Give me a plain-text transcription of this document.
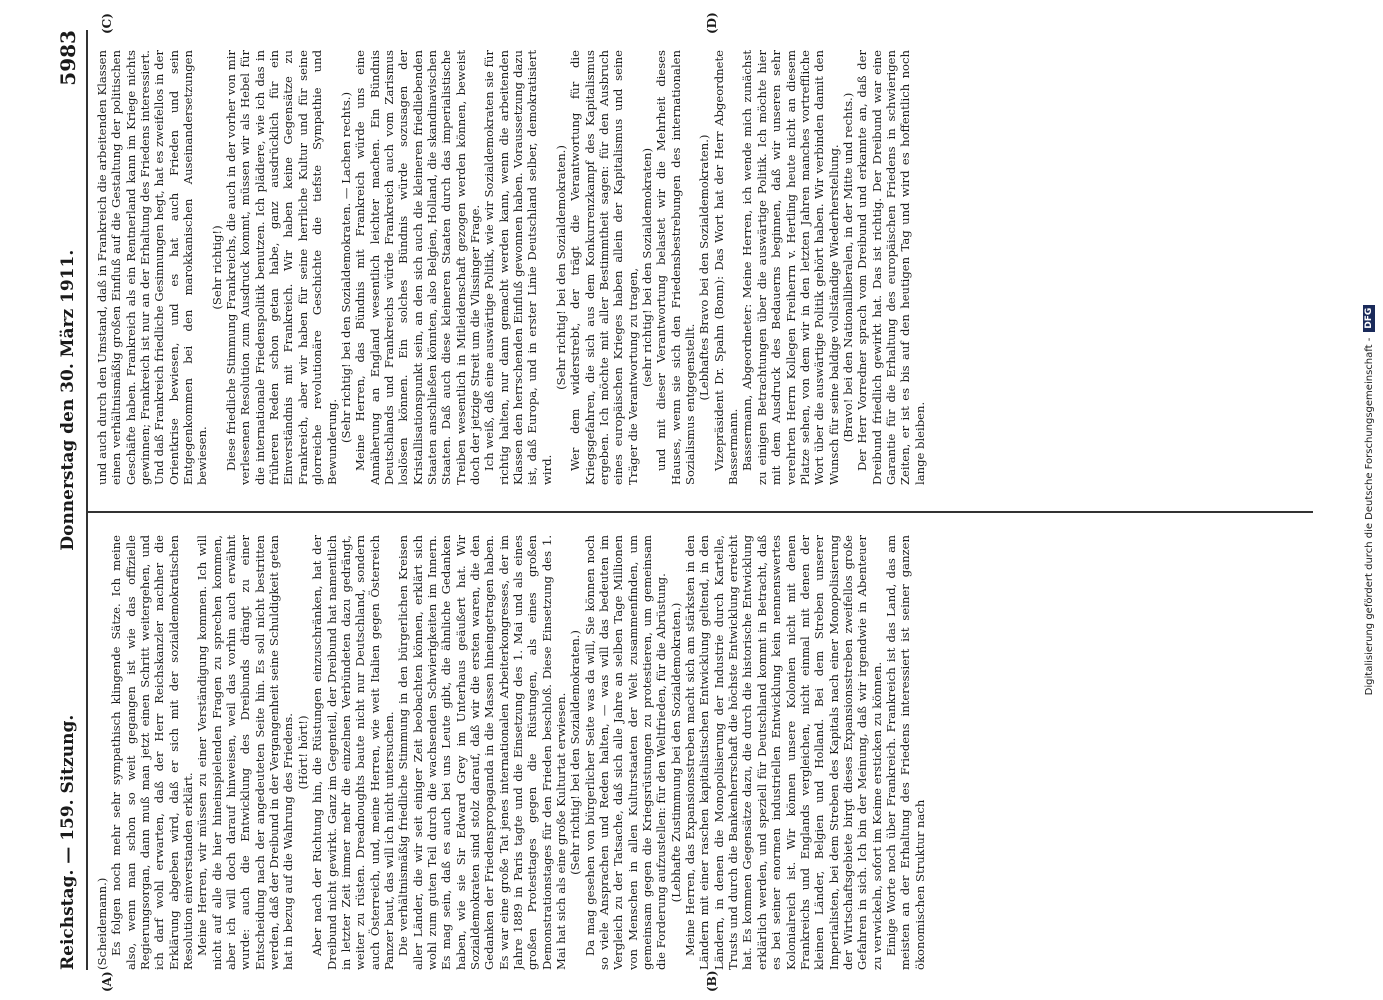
Reichstag. — 159. Sitzung.
Donnerstag den 30. März 1911.
5983
(A)	(B)
(C)	(D)

(Scheidemann.) Es folgen noch mehr sehr sympathisch klingende Sätze. Ich meine also, wenn man schon so weit gegangen ist wie das offizielle Regierungsorgan, dann muß man jetzt einen Schritt weitergehen, und ich darf wohl erwarten, daß der Herr Reichskanzler nachher die Erklärung abgeben wird, daß er sich mit der sozialdemokratischen Resolution einverstanden erklärt. Meine Herren, wir müssen zu einer Verständigung kommen. Ich will nicht auf alle die hier hineinspielenden Fragen zu sprechen kommen, aber ich will doch darauf hinweisen, weil das vorhin auch erwähnt wurde: auch die Entwicklung des Dreibunds drängt zu einer Entscheidung nach der angedeuteten Seite hin. Es soll nicht bestritten werden, daß der Dreibund in der Vergangenheit seine Schuldigkeit getan hat in bezug auf die Wahrung des Friedens. (Hört! hört!) Aber nach der Richtung hin, die Rüstungen einzuschränken, hat der Dreibund nicht gewirkt. Ganz im Gegenteil, der Dreibund hat namentlich in letzter Zeit immer mehr die einzelnen Verbündeten dazu gedrängt, weiter zu rüsten. Dreadnoughts baute nicht nur Deutschland, sondern auch Österreich, und, meine Herren, wie weit Italien gegen Österreich Panzer baut, das will ich nicht untersuchen. Die verhältnismäßig friedliche Stimmung in den bürgerlichen Kreisen aller Länder, die wir seit einiger Zeit beobachten können, erklärt sich wohl zum guten Teil durch die wachsenden Schwierigkeiten im Innern. Es mag sein, daß es auch bei uns Leute gibt, die ähnliche Gedanken haben, wie sie Sir Edward Grey im Unterhaus geäußert hat. Wir Sozialdemokraten sind stolz darauf, daß wir die ersten waren, die den Gedanken der Friedenspropaganda in die Massen hineingetragen haben. Es war eine große Tat jenes internationalen Arbeiterkongresses, der im Jahre 1889 in Paris tagte und die Einsetzung des 1. Mai und als eines großen Protesttages gegen die Rüstungen, als eines großen Demonstrationstages für den Frieden beschloß. Diese Einsetzung des 1. Mai hat sich als eine große Kulturtat erwiesen. (Sehr richtig! bei den Sozialdemokraten.) Da mag gesehen von bürgerlicher Seite was da will, Sie können noch so viele Ansprachen und Reden halten, — was will das bedeuten im Vergleich zu der Tatsache, daß sich alle Jahre an selben Tage Millionen von Menschen in allen Kulturstaaten der Welt zusammenfinden, um gemeinsam gegen die Kriegsrüstungen zu protestieren, um gemeinsam die Forderung aufzustellen: für den Weltfrieden, für die Abrüstung. (Lebhafte Zustimmung bei den Sozialdemokraten.) Meine Herren, das Expansionsstreben macht sich am stärksten in den Ländern mit einer raschen kapitalistischen Entwicklung geltend, in den Ländern, in denen die Monopolisierung der Industrie durch Kartelle, Trusts und durch die Bankenherrschaft die höchste Entwicklung erreicht hat. Es kommen Gegensätze dazu, die durch die historische Entwicklung erklärlich werden, und speziell für Deutschland kommt in Betracht, daß es bei seiner enormen industriellen Entwicklung kein nennenswertes Kolonialreich ist. Wir können unsere Kolonien nicht mit denen Frankreichs und Englands vergleichen, nicht einmal mit denen der kleinen Länder, Belgien und Holland. Bei dem Streben unserer Imperialisten, bei dem Streben des Kapitals nach einer Monopolisierung der Wirtschaftsgebiete birgt dieses Expansionsstreben zweifellos große Gefahren in sich. Ich bin der Meinung, daß wir irgendwie in Abenteuer zu verwickeln, sofort im Keime ersticken zu können. Einige Worte noch über Frankreich. Frankreich ist das Land, das am meisten an der Erhaltung des Friedens interessiert ist seiner ganzen ökonomischen Struktur nach

und auch durch den Umstand, daß in Frankreich die arbeitenden Klassen einen verhältnismäßig großen Einfluß auf die Gestaltung der politischen Geschäfte haben. Frankreich als ein Rentnerland kann im Kriege nichts gewinnen; Frankreich ist nur an der Erhaltung des Friedens interessiert. Und daß Frankreich friedliche Gesinnungen hegt, hat es zweifellos in der Orientkrise bewiesen, und es hat auch Frieden und sein Entgegenkommen bei den marokkanischen Auseinandersetzungen bewiesen.

(Sehr richtig!) Diese friedliche Stimmung Frankreichs, die auch in der vorher von mir verlesenen Resolution zum Ausdruck kommt, müssen wir als Hebel für die internationale Friedenspolitik benutzen. Ich plädiere, wie ich das in früheren Reden schon getan habe, ganz ausdrücklich für ein Einverständnis mit Frankreich. Wir haben keine Gegensätze zu Frankreich, aber wir haben für seine herrliche Kultur und für seine glorreiche revolutionäre Geschichte die tiefste Sympathie und Bewunderung. (Sehr richtig! bei den Sozialdemokraten. — Lachen rechts.) Meine Herren, das Bündnis mit Frankreich würde uns eine Annäherung an England wesentlich leichter machen. Ein Bündnis Deutschlands und Frankreichs würde Frankreich auch vom Zarismus loslösen können. Ein solches Bündnis würde sozusagen der Kristallisationspunkt sein, an den sich auch die kleineren friedliebenden Staaten anschließen könnten, also Belgien, Holland, die skandinavischen Staaten. Daß auch diese kleineren Staaten durch das imperialistische Treiben wesentlich in Mitleidenschaft gezogen werden können, beweist doch der jetzige Streit um die Vlissinger Frage. Ich weiß, daß eine auswärtige Politik, wie wir Sozialdemokraten sie für richtig halten, nur dann gemacht werden kann, wenn die arbeitenden Klassen den herrschenden Einfluß gewonnen haben. Voraussetzung dazu ist, daß Europa, und in erster Linie Deutschland selber, demokratisiert wird.

(Sehr richtig! bei den Sozialdemokraten.) Wer dem widerstrebt, der trägt die Verantwortung für die Kriegsgefahren, die sich aus dem Konkurrenzkampf des Kapitalismus ergeben. Ich möchte mit aller Bestimmtheit sagen: für den Ausbruch eines europäischen Krieges haben allein der Kapitalismus und seine Träger die Verantwortung zu tragen, (sehr richtig! bei den Sozialdemokraten) und mit dieser Verantwortung belastet wir die Mehrheit dieses Hauses, wenn sie sich den Friedensbestrebungen des internationalen Sozialismus entgegenstellt.

(Lebhaftes Bravo bei den Sozialdemokraten.) Vizepräsident Dr. Spahn (Bonn): Das Wort hat der Herr Abgeordnete Bassermann. Bassermann, Abgeordneter: Meine Herren, ich wende mich zunächst zu einigen Betrachtungen über die auswärtige Politik. Ich möchte hier mit dem Ausdruck des Bedauerns beginnen, daß wir unseren sehr verehrten Herrn Kollegen Freiherrn v. Hertling heute nicht an diesem Platze sehen, von dem wir in den letzten Jahren manches vortreffliche Wort über die auswärtige Politik gehört haben. Wir verbinden damit den Wunsch für seine baldige vollständige Wiederherstellung. (Bravo! bei den Nationalliberalen, in der Mitte und rechts.) Der Herr Vorredner sprach vom Dreibund und erkannte an, daß der Dreibund friedlich gewirkt hat. Das ist richtig. Der Dreibund war eine Garantie für die Erhaltung des europäischen Friedens in schwierigen Zeiten, er ist es bis auf den heutigen Tag und wird es hoffentlich noch lange bleiben.	Digitalisierung gefördert durch die Deutsche Forschungsgemeinschaft -
DFG
